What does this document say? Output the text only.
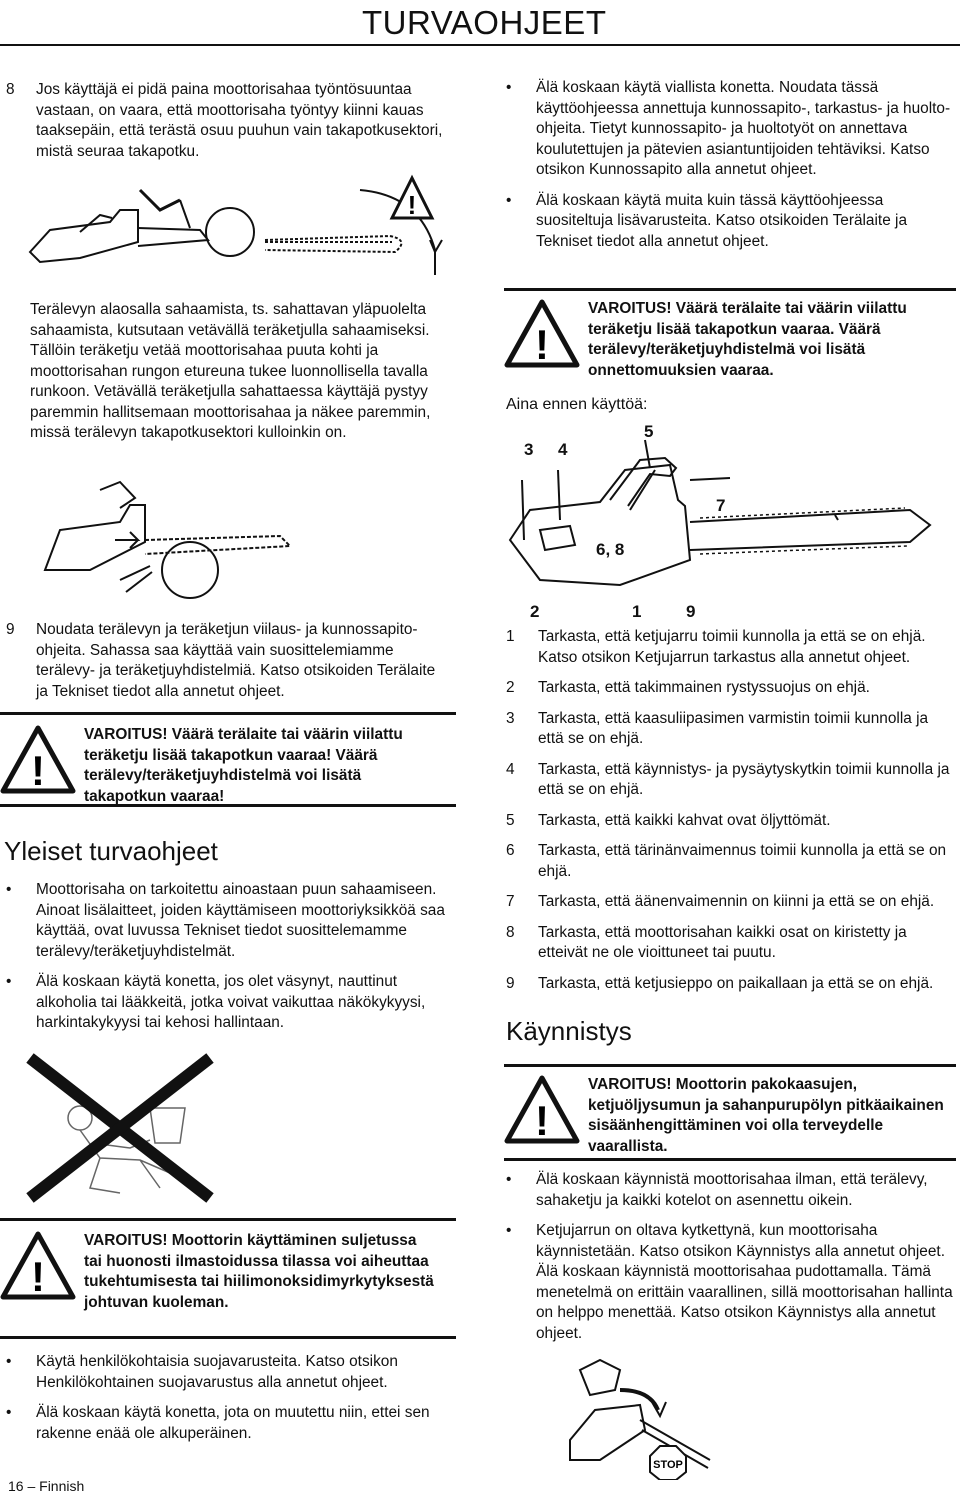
TURVAOHJEET
8	Jos käyttäjä ei pidä paina moottorisahaa työntösuuntaa vastaan, on vaara, että moottorisaha työntyy kiinni kauas taaksepäin, että terästä osuu puuhun vain takapotkusektori, mistä seuraa takapotku.
!
Terälevyn alaosalla sahaamista, ts. sahattavan yläpuolelta sahaamista, kutsutaan vetävällä teräketjulla sahaamiseksi. Tällöin teräketju vetää moottorisahaa puuta kohti ja moottorisahan rungon etureuna tukee luonnollisella tavalla runkoon. Vetävällä teräketjulla sahattaessa käyttäjä pystyy paremmin hallitsemaan moottorisahaa ja näkee paremmin, missä terälevyn takapotkusektori kulloinkin on.
9	Noudata terälevyn ja teräketjun viilaus- ja kunnossapito-ohjeita. Sahassa saa käyttää vain suosittelemiamme terälevy- ja teräketjuyhdistelmiä. Katso otsikoiden Terälaite ja Tekniset tiedot alla annetut ohjeet.
!
VAROITUS! Väärä terälaite tai väärin viilattu teräketju lisää takapotkun vaaraa! Väärä terälevy/teräketjuyhdistelmä voi lisätä takapotkun vaaraa!
Yleiset turvaohjeet
•	Moottorisaha on tarkoitettu ainoastaan puun sahaamiseen. Ainoat lisälaitteet, joiden käyttämiseen moottoriyksikköä saa käyttää, ovat luvussa Tekniset tiedot suosittelemamme terälevy/teräketjuyhdistelmät.
•	Älä koskaan käytä konetta, jos olet väsynyt, nauttinut alkoholia tai lääkkeitä, jotka voivat vaikuttaa näkökykyysi, harkintakykyysi tai kehosi hallintaan.
!
VAROITUS! Moottorin käyttäminen suljetussa tai huonosti ilmastoidussa tilassa voi aiheuttaa tukehtumisesta tai hiilimonoksidimyrkytyksestä johtuvan kuoleman.
•	Käytä henkilökohtaisia suojavarusteita. Katso otsikon Henkilökohtainen suojavarustus alla annetut ohjeet.
•	Älä koskaan käytä konetta, jota on muutettu niin, ettei sen rakenne enää ole alkuperäinen.
16 – Finnish
•	Älä koskaan käytä viallista konetta. Noudata tässä käyttöohjeessa annettuja kunnossapito-, tarkastus- ja huolto-ohjeita. Tietyt kunnossapito- ja huoltotyöt on annettava koulutettujen ja pätevien asiantuntijoiden tehtäviksi. Katso otsikon Kunnossapito alla annetut ohjeet.
•	Älä koskaan käytä muita kuin tässä käyttöohjeessa suositeltuja lisävarusteita. Katso otsikoiden Terälaite ja Tekniset tiedot alla annetut ohjeet.
!
VAROITUS! Väärä terälaite tai väärin viilattu teräketju lisää takapotkun vaaraa. Väärä terälevy/teräketjuyhdistelmä voi lisätä onnettomuuksien vaaraa.
Aina ennen käyttöä:
3 4
5
7
6, 8
2	1	9
1	Tarkasta, että ketjujarru toimii kunnolla ja että se on ehjä. Katso otsikon Ketjujarrun tarkastus alla annetut ohjeet.
2	Tarkasta, että takimmainen rystyssuojus on ehjä.
3	Tarkasta, että kaasuliipasimen varmistin toimii kunnolla ja että se on ehjä.
4	Tarkasta, että käynnistys- ja pysäytyskytkin toimii kunnolla ja että se on ehjä.
5	Tarkasta, että kaikki kahvat ovat öljyttömät.
6	Tarkasta, että tärinänvaimennus toimii kunnolla ja että se on ehjä.
7	Tarkasta, että äänenvaimennin on kiinni ja että se on ehjä.
8	Tarkasta, että moottorisahan kaikki osat on kiristetty ja etteivät ne ole vioittuneet tai puutu.
9	Tarkasta, että ketjusieppo on paikallaan ja että se on ehjä.
Käynnistys
!
VAROITUS! Moottorin pakokaasujen, ketjuöljysumun ja sahanpurupölyn pitkäaikainen sisäänhengittäminen voi olla terveydelle vaarallista.
•	Älä koskaan käynnistä moottorisahaa ilman, että terälevy, sahaketju ja kaikki kotelot on asennettu oikein.
•	Ketjujarrun on oltava kytkettynä, kun moottorisaha käynnistetään. Katso otsikon Käynnistys alla annetut ohjeet. Älä koskaan käynnistä moottorisahaa pudottamalla. Tämä menetelmä on erittäin vaarallinen, sillä moottorisahan hallinta on helppo menettää. Katso otsikon Käynnistys alla annetut ohjeet.
STOP
